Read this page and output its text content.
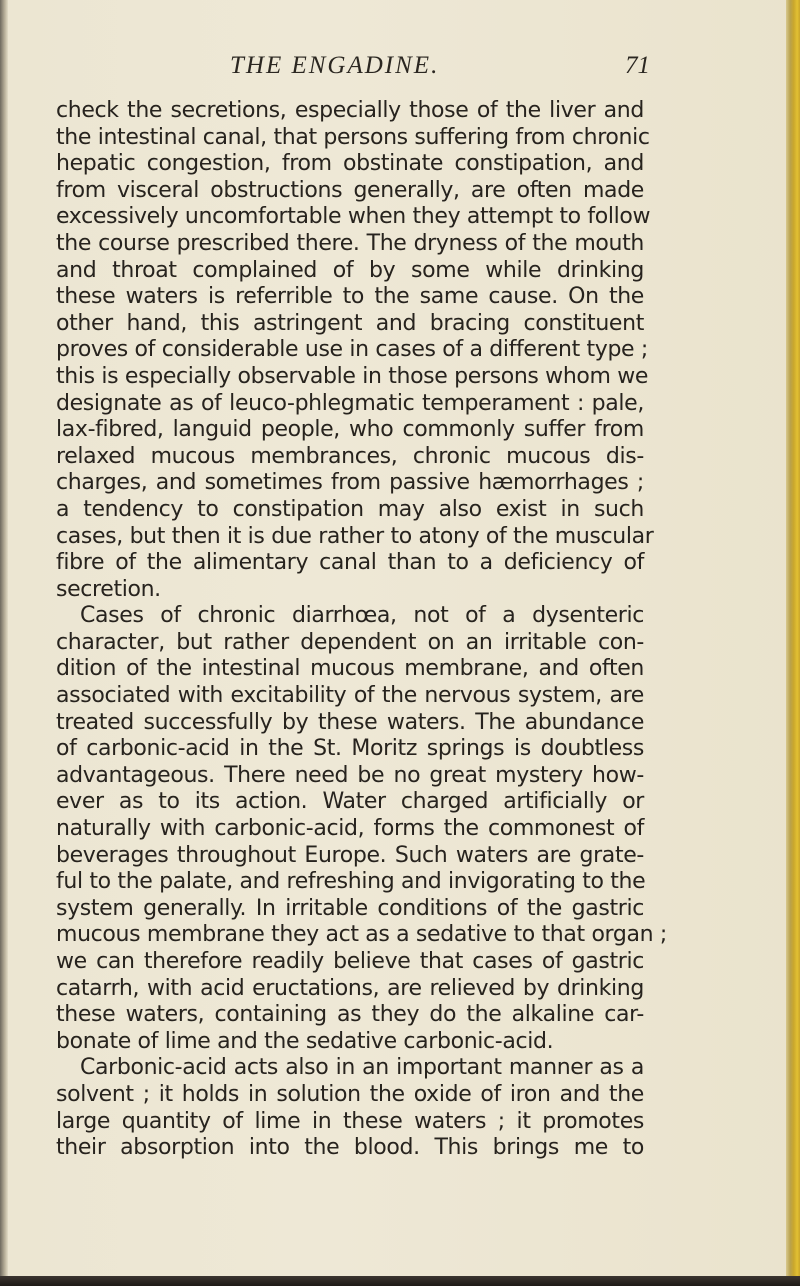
THE ENGADINE.	71
check the secretions, especially those of the liver and
the intestinal canal, that persons suffering from chronic
hepatic congestion, from obstinate constipation, and
from visceral obstructions generally, are often made
excessively uncomfortable when they attempt to follow
the course prescribed there. The dryness of the mouth
and throat complained of by some while drinking
these waters is referrible to the same cause. On the
other hand, this astringent and bracing constituent
proves of considerable use in cases of a different type ;
this is especially observable in those persons whom we
designate as of leuco-phlegmatic temperament : pale,
lax-fibred, languid people, who commonly suffer from
relaxed mucous membrances, chronic mucous dis-
charges, and sometimes from passive hæmorrhages ;
a tendency to constipation may also exist in such
cases, but then it is due rather to atony of the muscular
fibre of the alimentary canal than to a deficiency of
secretion.
Cases of chronic diarrhœa, not of a dysenteric
character, but rather dependent on an irritable con-
dition of the intestinal mucous membrane, and often
associated with excitability of the nervous system, are
treated successfully by these waters. The abundance
of carbonic-acid in the St. Moritz springs is doubtless
advantageous. There need be no great mystery how-
ever as to its action. Water charged artificially or
naturally with carbonic-acid, forms the commonest of
beverages throughout Europe. Such waters are grate-
ful to the palate, and refreshing and invigorating to the
system generally. In irritable conditions of the gastric
mucous membrane they act as a sedative to that organ ;
we can therefore readily believe that cases of gastric
catarrh, with acid eructations, are relieved by drinking
these waters, containing as they do the alkaline car-
bonate of lime and the sedative carbonic-acid.
Carbonic-acid acts also in an important manner as a
solvent ; it holds in solution the oxide of iron and the
large quantity of lime in these waters ; it promotes
their absorption into the blood. This brings me to
